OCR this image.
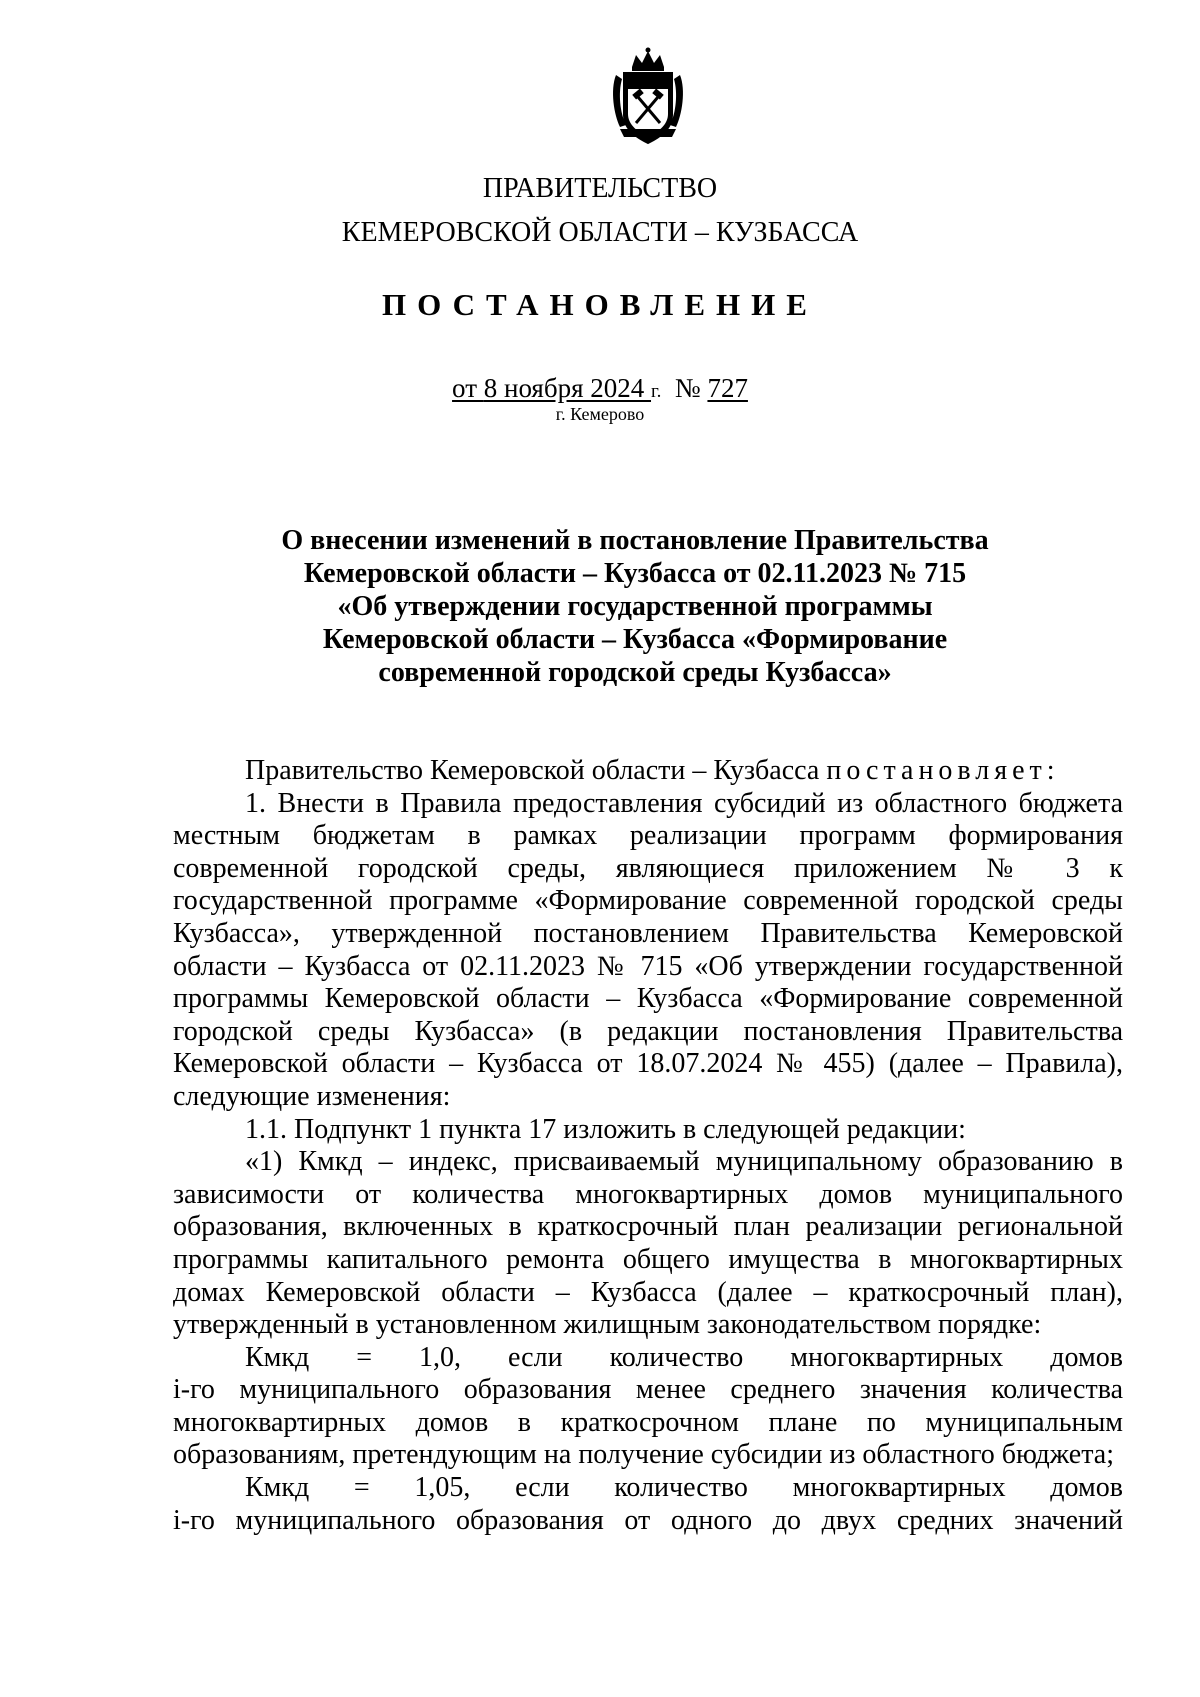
ПРАВИТЕЛЬСТВО
КЕМЕРОВСКОЙ ОБЛАСТИ – КУЗБАССА
ПОСТАНОВЛЕНИЕ
от 8 ноября 2024 г. № 727
г. Кемерово
О внесении изменений в постановление Правительства
Кемеровской области – Кузбасса от 02.11.2023 № 715
«Об утверждении государственной программы
Кемеровской области – Кузбасса «Формирование
современной городской среды Кузбасса»

Правительство Кемеровской области – Кузбасса постановляет:

1. Внести в Правила предоставления субсидий из областного бюджета местным бюджетам в рамках реализации программ формирования современной городской среды, являющиеся приложением № 3 к государственной программе «Формирование современной городской среды Кузбасса», утвержденной постановлением Правительства Кемеровской области – Кузбасса от 02.11.2023 № 715 «Об утверждении государственной программы Кемеровской области – Кузбасса «Формирование современной городской среды Кузбасса» (в редакции постановления Правительства Кемеровской области – Кузбасса от 18.07.2024 № 455) (далее – Правила), следующие изменения:

1.1. Подпункт 1 пункта 17 изложить в следующей редакции:

«1) Кмкд – индекс, присваиваемый муниципальному образованию в зависимости от количества многоквартирных домов муниципального образования, включенных в краткосрочный план реализации региональной программы капитального ремонта общего имущества в многоквартирных домах Кемеровской области – Кузбасса (далее – краткосрочный план), утвержденный в установленном жилищным законодательством порядке:

Кмкд = 1,0, если количество многоквартирных домов

i-го муниципального образования менее среднего значения количества многоквартирных домов в краткосрочном плане по муниципальным образованиям, претендующим на получение субсидии из областного бюджета;

Кмкд = 1,05, если количество многоквартирных домов

i-го муниципального образования от одного до двух средних значений
